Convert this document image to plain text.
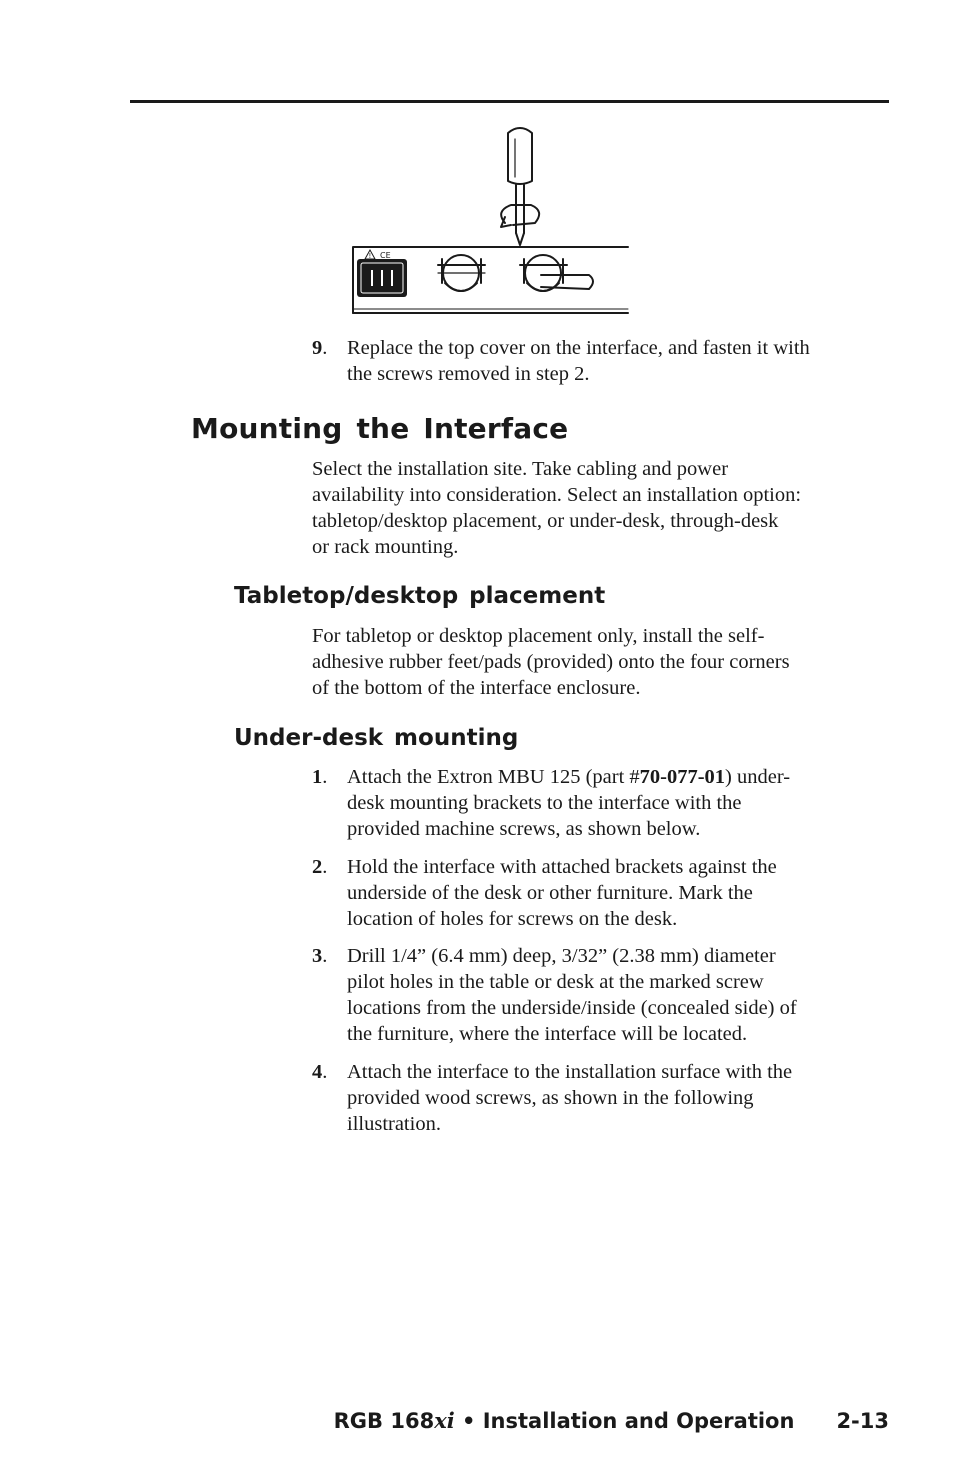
! CE
9. Replace the top cover on the interface, and fasten it with
the screws removed in step 2.
Mounting the Interface

Select the installation site. Take cabling and power
availability into consideration. Select an installation option:
tabletop/desktop placement, or under-desk, through-desk
or rack mounting.

Tabletop/desktop placement

For tabletop or desktop placement only, install the self-
adhesive rubber feet/pads (provided) onto the four corners
of the bottom of the interface enclosure.

Under-desk mounting
1. Attach the Extron MBU 125 (part #70-077-01) under-
desk mounting brackets to the interface with the
provided machine screws, as shown below.
2. Hold the interface with attached brackets against the
underside of the desk or other furniture. Mark the
location of holes for screws on the desk.
3. Drill 1/4” (6.4 mm) deep, 3/32” (2.38 mm) diameter
pilot holes in the table or desk at the marked screw
locations from the underside/inside (concealed side) of
the furniture, where the interface will be located.
4. Attach the interface to the installation surface with the
provided wood screws, as shown in the following
illustration.
RGB 168xi • Installation and Operation 2-13
